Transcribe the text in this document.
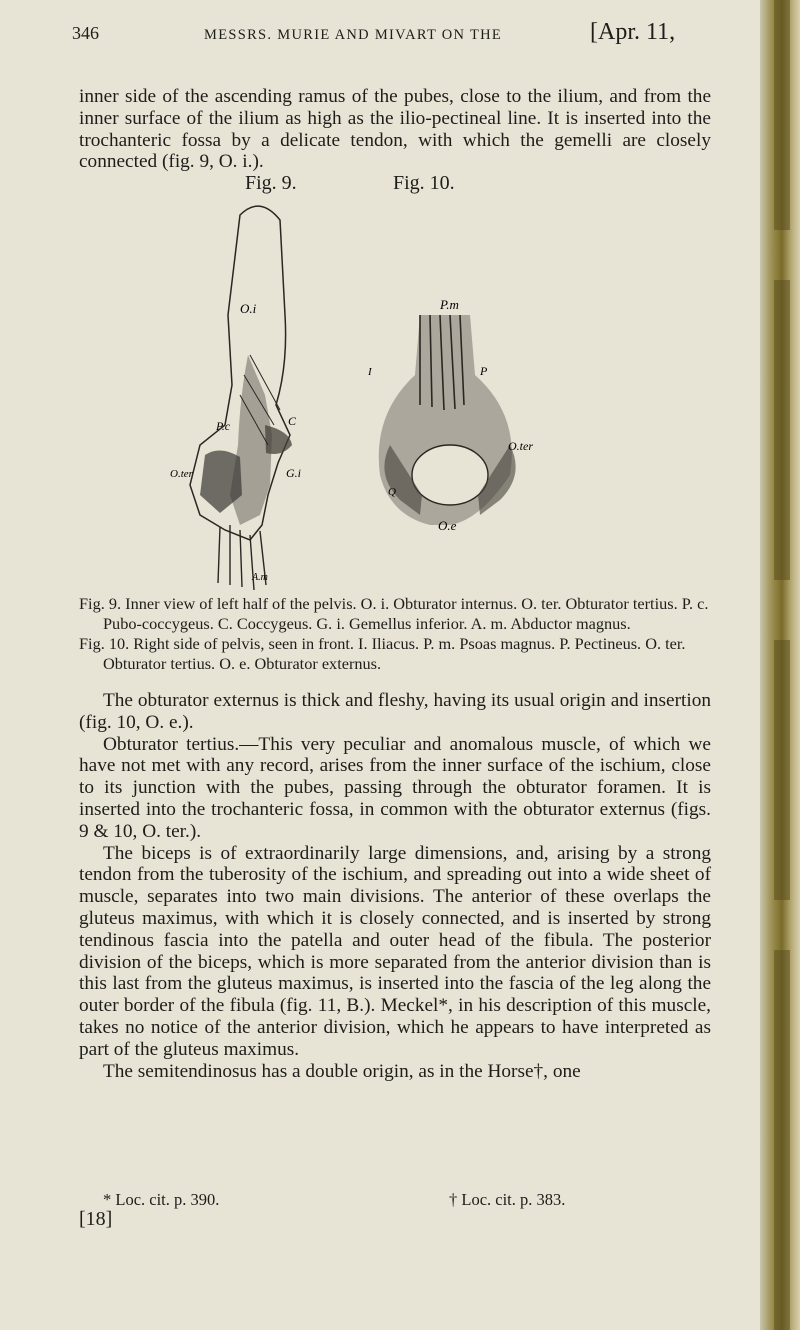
346	MESSRS. MURIE AND MIVART ON THE	[Apr. 11,

inner side of the ascending ramus of the pubes, close to the ilium, and from the inner surface of the ilium as high as the ilio-pectineal line. It is inserted into the trochanteric fossa by a delicate tendon, with which the gemelli are closely connected (fig. 9, O. i.).

Fig. 9.	Fig. 10.
O.i
P.c	C
O.ter	G.i
A.m
P.m
I	P
O.ter
O.e
Q

Fig. 9. Inner view of left half of the pelvis. O. i. Obturator internus. O. ter. Obturator tertius. P. c. Pubo-coccygeus. C. Coccygeus. G. i. Gemellus inferior. A. m. Abductor magnus.

Fig. 10. Right side of pelvis, seen in front. I. Iliacus. P. m. Psoas magnus. P. Pectineus. O. ter. Obturator tertius. O. e. Obturator externus.

The obturator externus is thick and fleshy, having its usual origin and insertion (fig. 10, O. e.).

Obturator tertius.—This very peculiar and anomalous muscle, of which we have not met with any record, arises from the inner surface of the ischium, close to its junction with the pubes, passing through the obturator foramen. It is inserted into the trochanteric fossa, in common with the obturator externus (figs. 9 & 10, O. ter.).

The biceps is of extraordinarily large dimensions, and, arising by a strong tendon from the tuberosity of the ischium, and spreading out into a wide sheet of muscle, separates into two main divisions. The anterior of these overlaps the gluteus maximus, with which it is closely connected, and is inserted by strong tendinous fascia into the patella and outer head of the fibula. The posterior division of the biceps, which is more separated from the anterior division than is this last from the gluteus maximus, is inserted into the fascia of the leg along the outer border of the fibula (fig. 11, B.). Meckel*, in his description of this muscle, takes no notice of the anterior division, which he appears to have interpreted as part of the gluteus maximus.

The semitendinosus has a double origin, as in the Horse†, one

* Loc. cit. p. 390.	† Loc. cit. p. 383.
[18]
